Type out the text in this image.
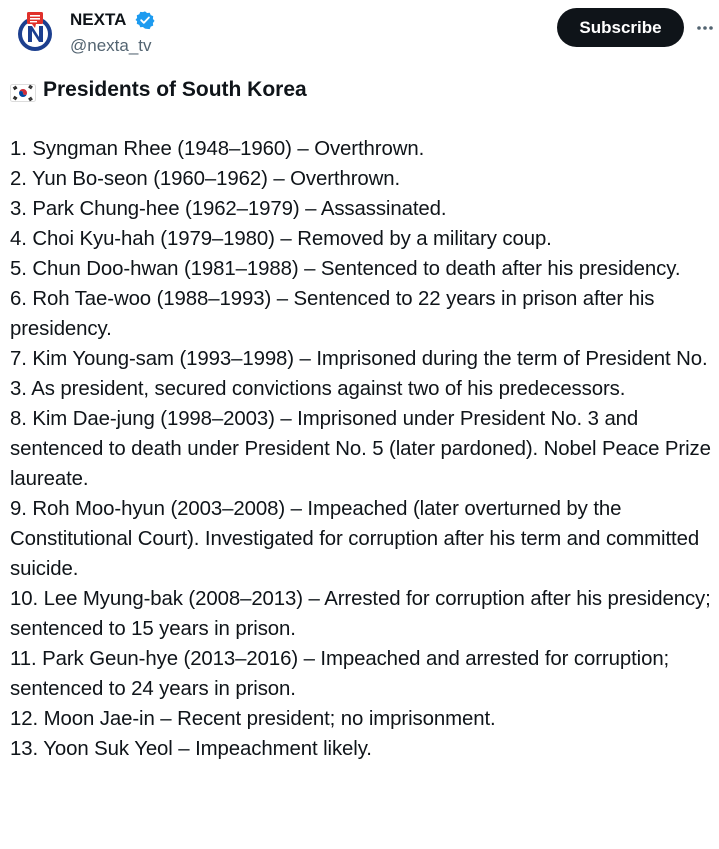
NEXTA
@nexta_tv
Subscribe
Presidents of South Korea

1. Syngman Rhee (1948–1960) – Overthrown.

2. Yun Bo-seon (1960–1962) – Overthrown.

3. Park Chung-hee (1962–1979) – Assassinated.

4. Choi Kyu-hah (1979–1980) – Removed by a military coup.

5. Chun Doo-hwan (1981–1988) – Sentenced to death after his presidency.

6. Roh Tae-woo (1988–1993) – Sentenced to 22 years in prison after his presidency.

7. Kim Young-sam (1993–1998) – Imprisoned during the term of President No. 3. As president, secured convictions against two of his predecessors.

8. Kim Dae-jung (1998–2003) – Imprisoned under President No. 3 and sentenced to death under President No. 5 (later pardoned). Nobel Peace Prize laureate.

9. Roh Moo-hyun (2003–2008) – Impeached (later overturned by the Constitutional Court). Investigated for corruption after his term and committed suicide.

10. Lee Myung-bak (2008–2013) – Arrested for corruption after his presidency; sentenced to 15 years in prison.

11. Park Geun-hye (2013–2016) – Impeached and arrested for corruption; sentenced to 24 years in prison.

12. Moon Jae-in – Recent president; no imprisonment.

13. Yoon Suk Yeol – Impeachment likely.
